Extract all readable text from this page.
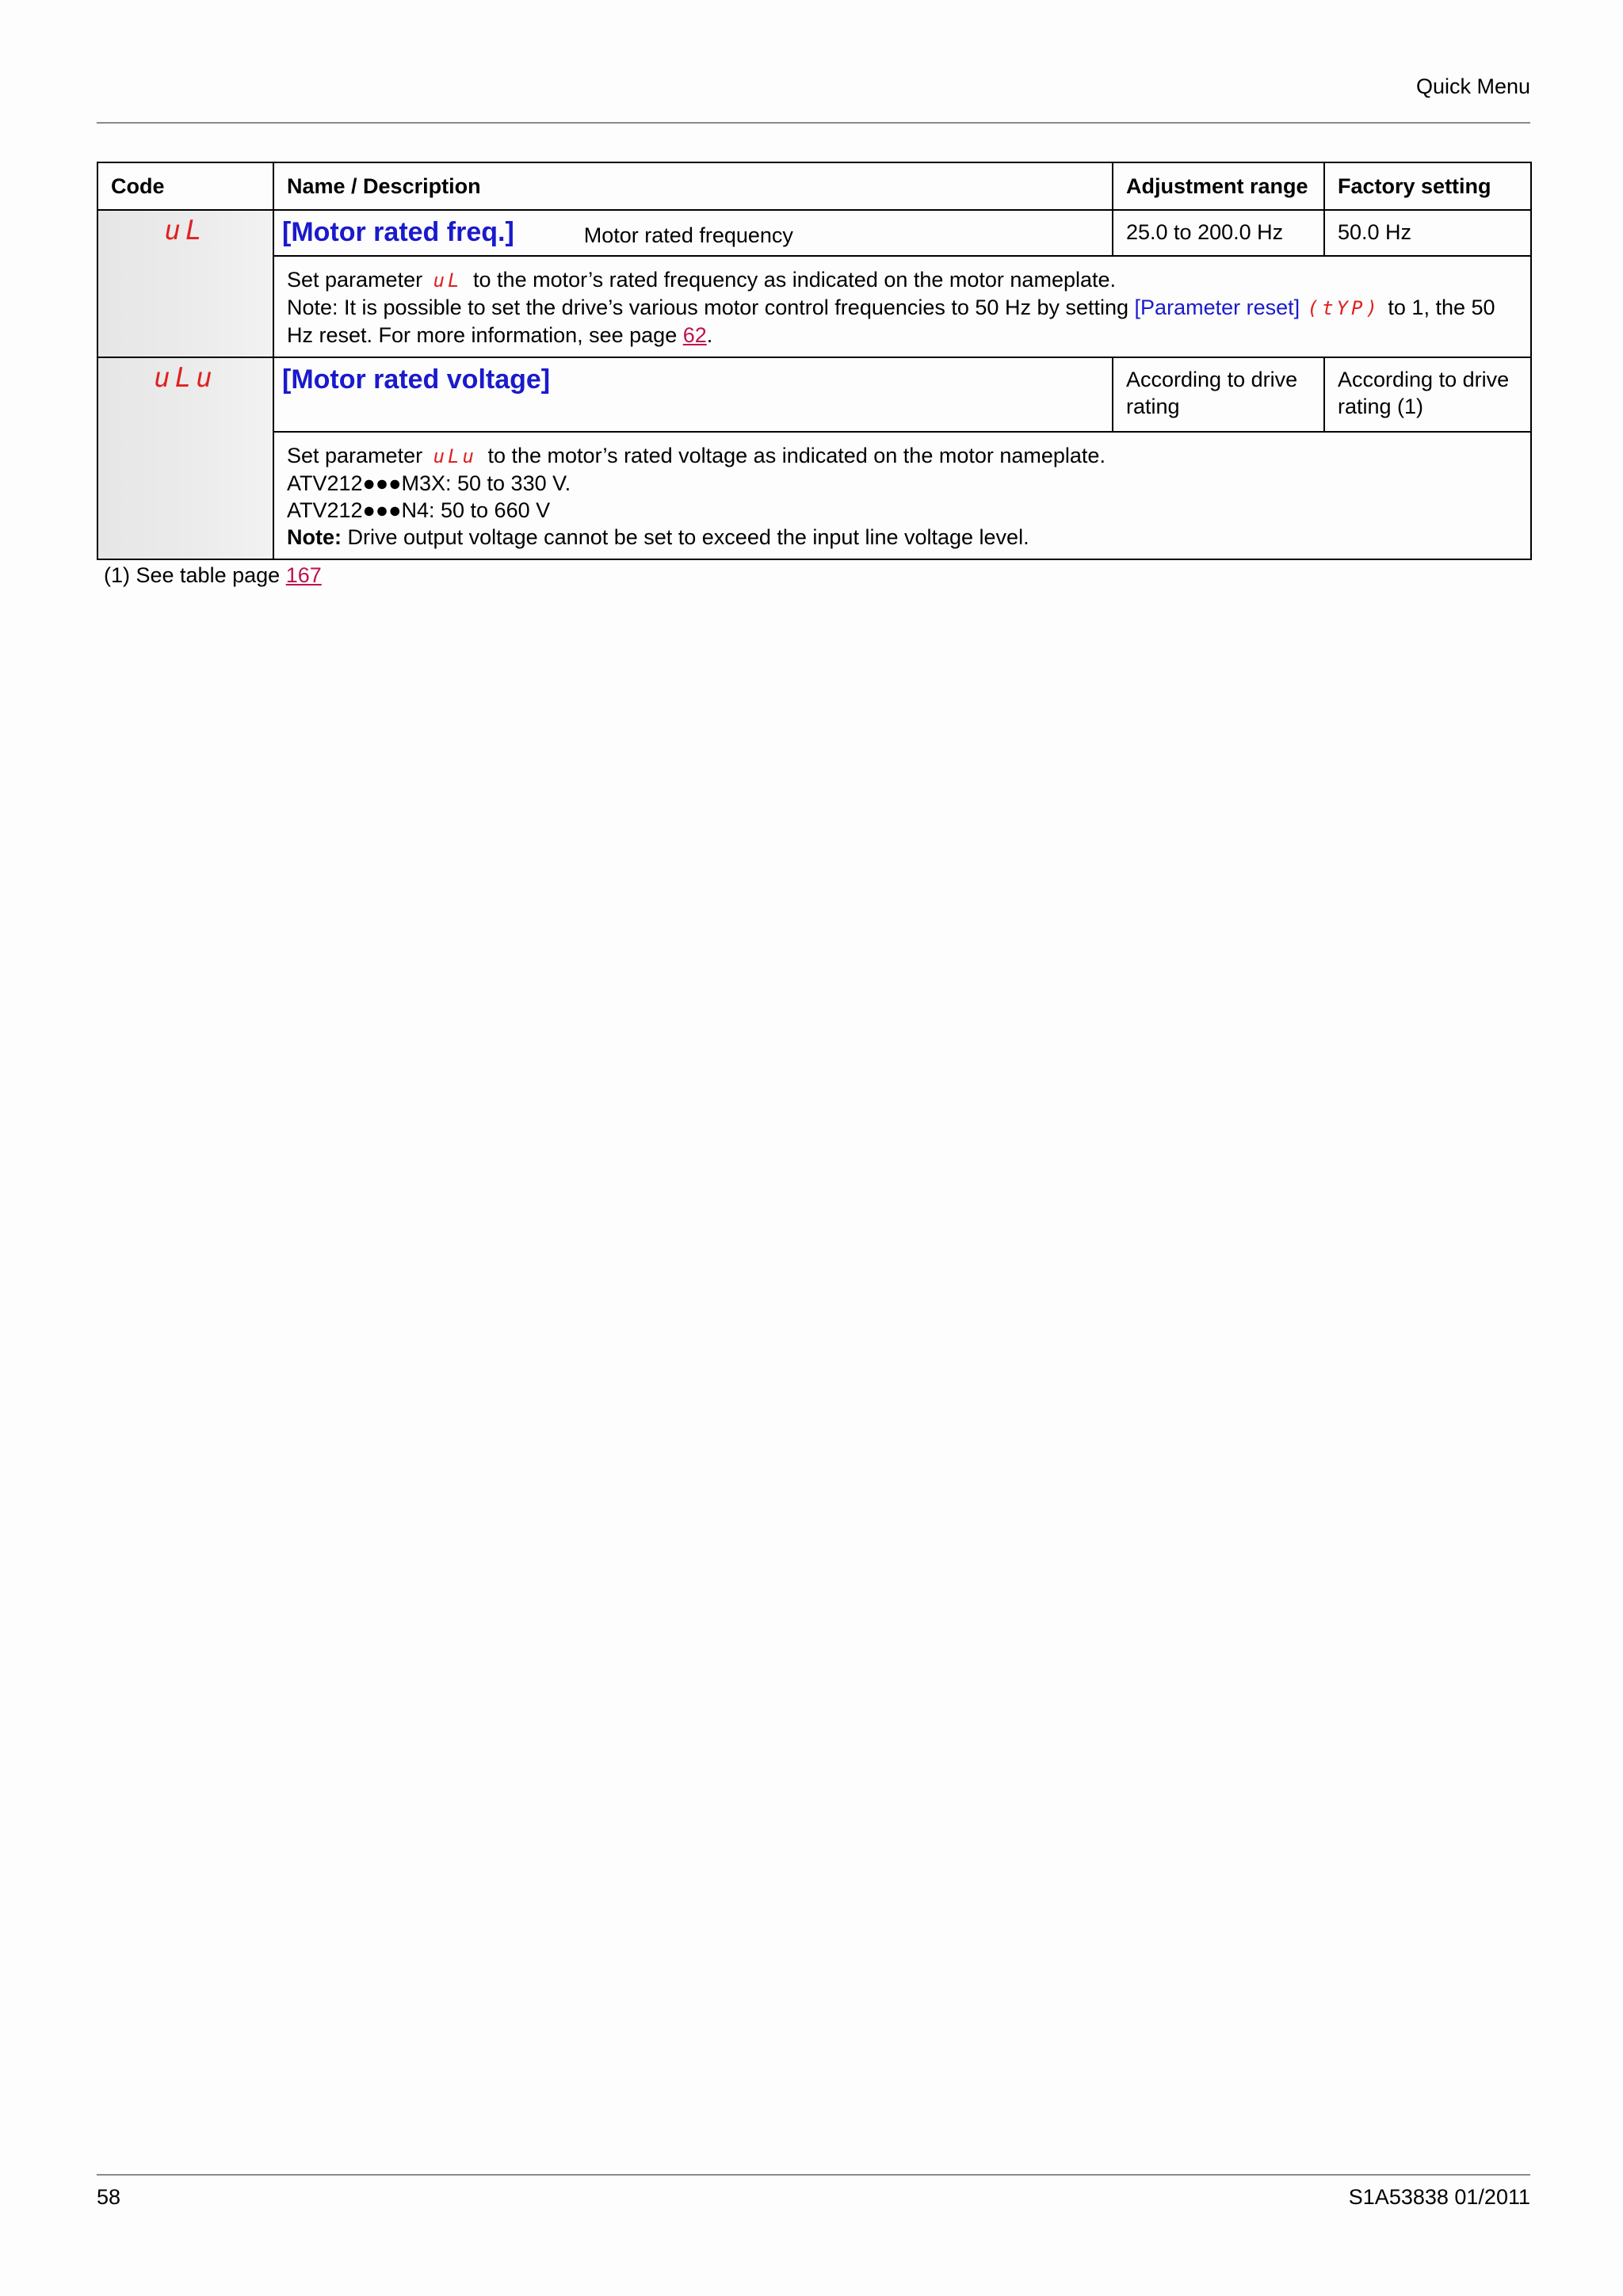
Quick Menu
Code	Name / Description	Adjustment range	Factory setting
uL	[Motor rated freq.] Motor rated frequency	25.0 to 200.0 Hz	50.0 Hz

	Set parameter uL to the motor’s rated frequency as indicated on the motor nameplate.
Note: It is possible to set the drive’s various motor control frequencies to 50 Hz by setting [Parameter reset] (tYP) to 1, the 50 Hz reset. For more information, see page 62.		

uLu	[Motor rated voltage]	According to drive rating	According to drive rating (1)

	Set parameter uLu to the motor’s rated voltage as indicated on the motor nameplate.
ATV212●●●M3X: 50 to 330 V.
ATV212●●●N4: 50 to 660 V
Note: Drive output voltage cannot be set to exceed the input line voltage level.		
(1) See table page 167
58	S1A53838 01/2011
